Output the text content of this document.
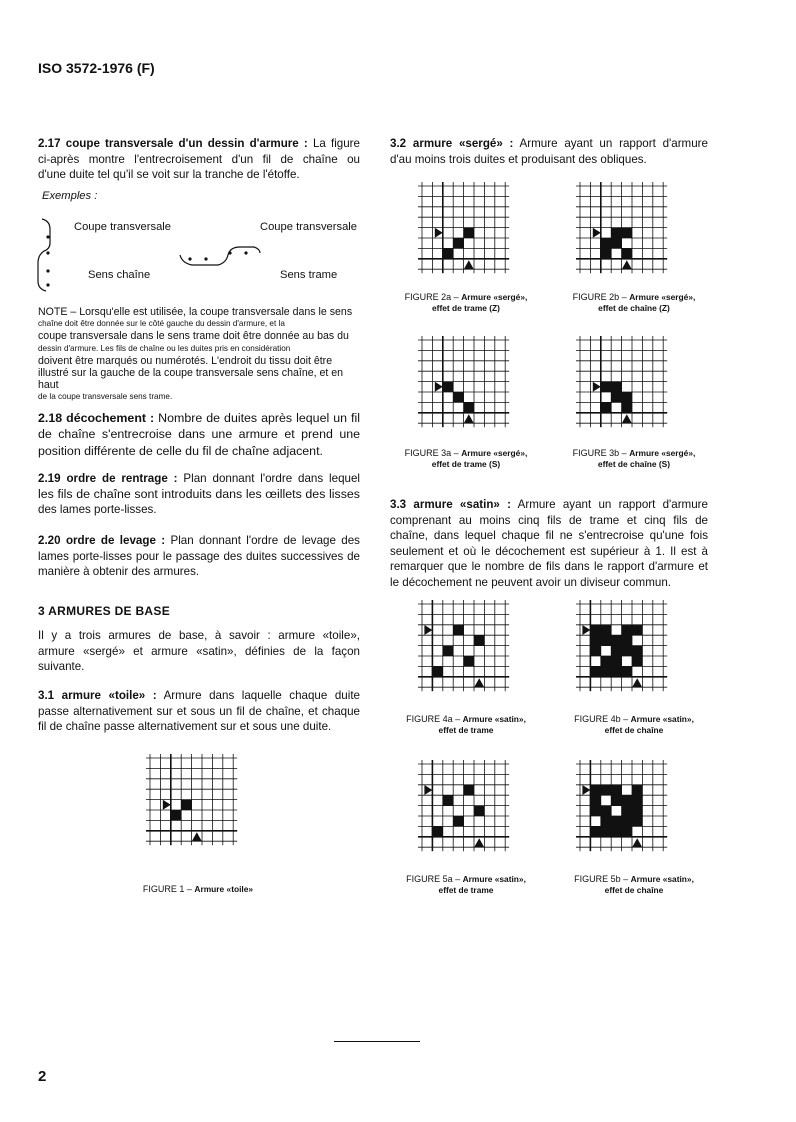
ISO 3572-1976 (F)

2.17 coupe transversale d'un dessin d'armure : La figure

ci-après montre l'entrecroisement d'un fil de chaîne ou

d'une duite tel qu'il se voit sur la tranche de l'étoffe.

Exemples :
Coupe transversale	Coupe transversale
Sens chaîne	Sens trame
NOTE – Lorsqu'elle est utilisée, la coupe transversale dans le sens
chaîne doit être donnée sur le côté gauche du dessin d'armure, et la
coupe transversale dans le sens trame doit être donnée au bas du
dessin d'armure. Les fils de chaîne ou les duites pris en considération
doivent être marqués ou numérotés. L'endroit du tissu doit être
illustré sur la gauche de la coupe transversale sens chaîne, et en haut
de la coupe transversale sens trame.

2.18 décochement : Nombre de duites après lequel un fil

de chaîne s'entrecroise dans une armure et prend une

position différente de celle du fil de chaîne adjacent.

2.19 ordre de rentrage : Plan donnant l'ordre dans lequel

les fils de chaîne sont introduits dans les œillets des lisses

des lames porte-lisses.

2.20 ordre de levage : Plan donnant l'ordre de levage des

lames porte-lisses pour le passage des duites successives de

manière à obtenir des armures.

3 ARMURES DE BASE

Il y a trois armures de base, à savoir : armure «toile»,

armure «sergé» et armure «satin», définies de la façon

suivante.

3.1 armure «toile» : Armure dans laquelle chaque duite

passe alternativement sur et sous un fil de chaîne, et chaque

fil de chaîne passe alternativement sur et sous une duite.

3.2 armure «sergé» : Armure ayant un rapport d'armure

d'au moins trois duites et produisant des obliques.

3.3 armure «satin» : Armure ayant un rapport d'armure

comprenant au moins cinq fils de trame et cinq fils de

chaîne, dans lequel chaque fil ne s'entrecroise qu'une fois

seulement et où le décochement est supérieur à 1. Il est à

remarquer que le nombre de fils dans le rapport d'armure et

le décochement ne peuvent avoir un diviseur commun.

FIGURE 1 – Armure «toile»
FIGURE 2a – Armure «sergé»,
effet de trame (Z)
FIGURE 2b – Armure «sergé»,
effet de chaîne (Z)
FIGURE 3a – Armure «sergé»,
effet de trame (S)
FIGURE 3b – Armure «sergé»,
effet de chaîne (S)
FIGURE 4a – Armure «satin»,
effet de trame
FIGURE 4b – Armure «satin»,
effet de chaîne
FIGURE 5a – Armure «satin»,
effet de trame
FIGURE 5b – Armure «satin»,
effet de chaîne
2
